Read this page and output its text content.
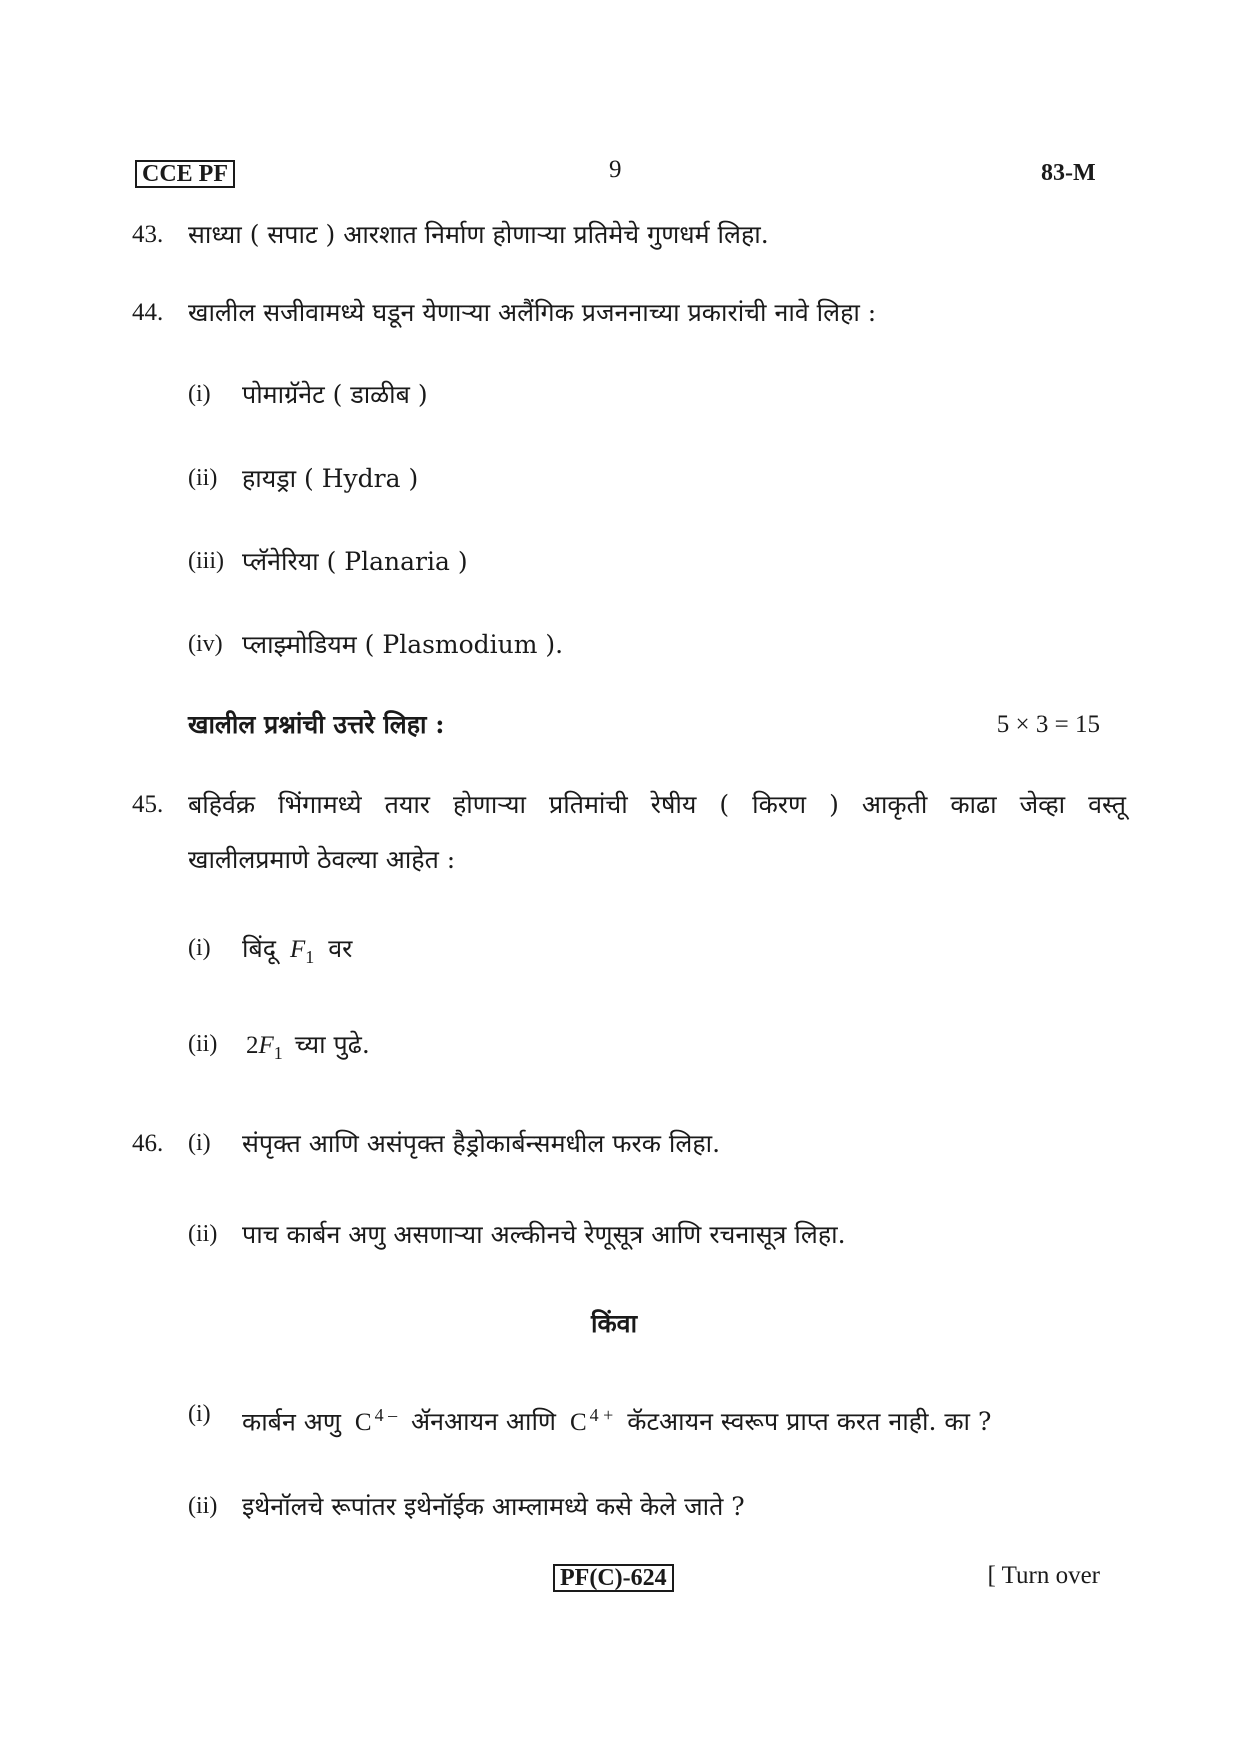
CCE PF	9	83-M
43. साध्या ( सपाट ) आरशात निर्माण होणाऱ्या प्रतिमेचे गुणधर्म लिहा.
44. खालील सजीवामध्ये घडून येणाऱ्या अलैंगिक प्रजननाच्या प्रकारांची नावे लिहा :
(i) पोमाग्रॅनेट ( डाळीब )
(ii) हायड्रा ( Hydra )
(iii) प्लॅनेरिया ( Planaria )
(iv) प्लाझ्मोडियम ( Plasmodium ).
खालील प्रश्नांची उत्तरे लिहा :	5 × 3 = 15
45. बहिर्वक्र भिंगामध्ये तयार होणाऱ्या प्रतिमांची रेषीय ( किरण ) आकृती काढा जेव्हा वस्तू
खालीलप्रमाणे ठेवल्या आहेत :
(i) बिंदू $F_1$ वर
(ii) $2F_1$ च्या पुढे.
46. (i) संपृक्त आणि असंपृक्त हैड्रोकार्बन्समधील फरक लिहा.
(ii) पाच कार्बन अणु असणाऱ्या अल्कीनचे रेणूसूत्र आणि रचनासूत्र लिहा.
किंवा
(i) कार्बन अणु C $^{4 -}$ ॲनआयन आणि C $^{4 +}$ कॅटआयन स्वरूप प्राप्त करत नाही. का ?
(ii) इथेनॉलचे रूपांतर इथेनॉईक आम्लामध्ये कसे केले जाते ?
PF(C)-624	[ Turn over
